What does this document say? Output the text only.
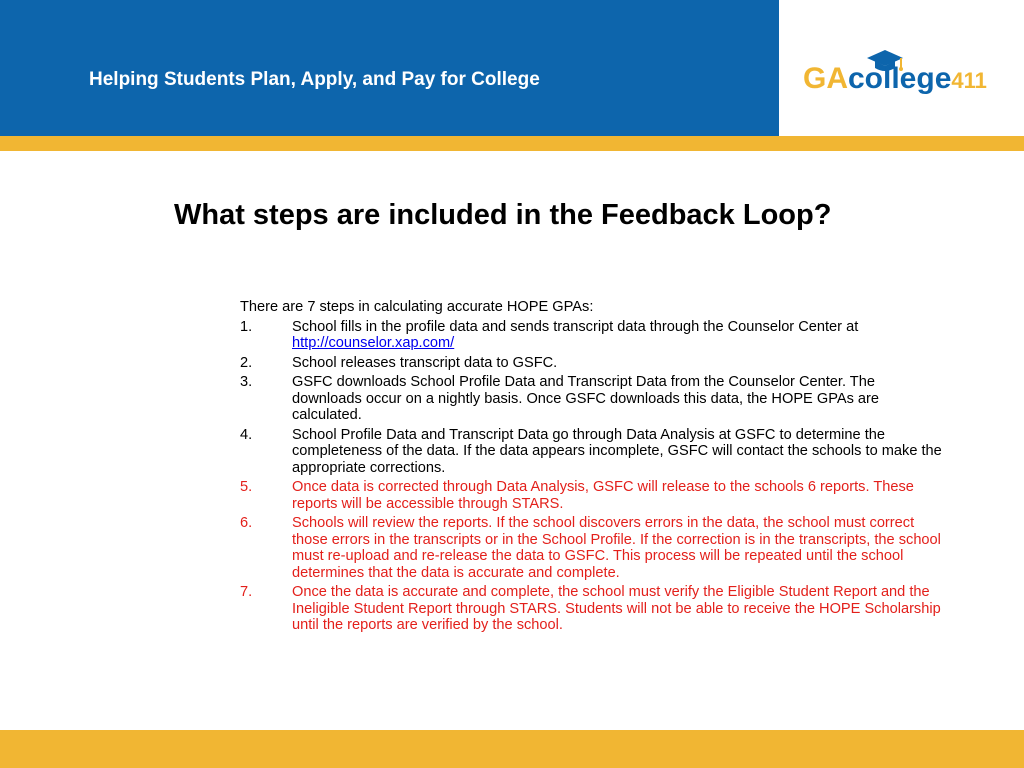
Helping Students Plan, Apply, and Pay for College	GAcollege411
What steps are included in the Feedback Loop?
There are 7 steps in calculating accurate HOPE GPAs:
1.	School fills in the profile data and sends transcript data through the Counselor Center at http://counselor.xap.com/
2.	School releases transcript data to GSFC.
3.	GSFC downloads School Profile Data and Transcript Data from the Counselor Center. The downloads occur on a nightly basis. Once GSFC downloads this data, the HOPE GPAs are calculated.
4.	School Profile Data and Transcript Data go through Data Analysis at GSFC to determine the completeness of the data. If the data appears incomplete, GSFC will contact the schools to make the appropriate corrections.
5.	Once data is corrected through Data Analysis, GSFC will release to the schools 6 reports. These reports will be accessible through STARS.
6.	Schools will review the reports. If the school discovers errors in the data, the school must correct those errors in the transcripts or in the School Profile. If the correction is in the transcripts, the school must re-upload and re-release the data to GSFC. This process will be repeated until the school determines that the data is accurate and complete.
7.	Once the data is accurate and complete, the school must verify the Eligible Student Report and the Ineligible Student Report through STARS. Students will not be able to receive the HOPE Scholarship until the reports are verified by the school.
